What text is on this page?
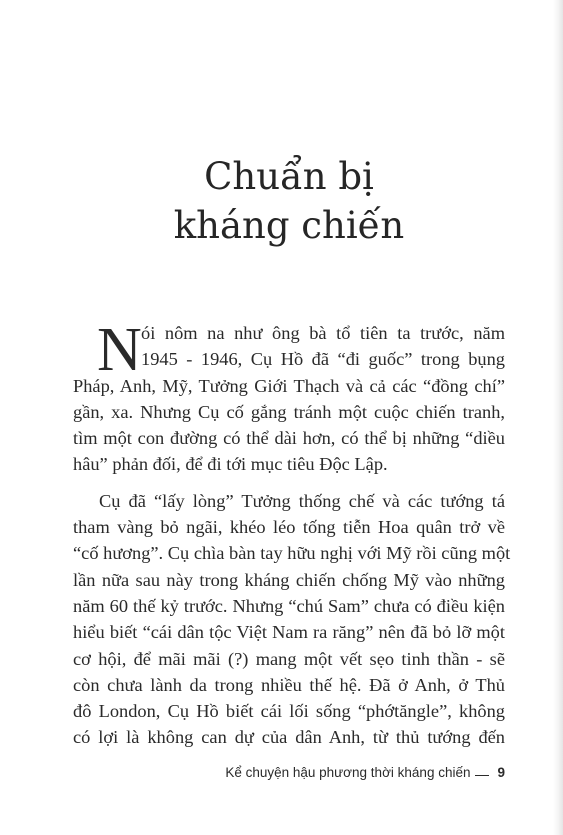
Chuẩn bị
kháng chiến
N ói nôm na như ông bà tổ tiên ta trước, năm
1945 - 1946, Cụ Hồ đã “đi guốc” trong bụng
Pháp, Anh, Mỹ, Tưởng Giới Thạch và cả các “đồng chí”
gần, xa. Nhưng Cụ cố gắng tránh một cuộc chiến tranh,
tìm một con đường có thể dài hơn, có thể bị những “diều
hâu” phản đối, để đi tới mục tiêu Độc Lập.
Cụ đã “lấy lòng” Tưởng thống chế và các tướng tá
tham vàng bỏ ngãi, khéo léo tống tiễn Hoa quân trở về
“cố hương”. Cụ chìa bàn tay hữu nghị với Mỹ rồi cũng một
lần nữa sau này trong kháng chiến chống Mỹ vào những
năm 60 thế kỷ trước. Nhưng “chú Sam” chưa có điều kiện
hiểu biết “cái dân tộc Việt Nam ra răng” nên đã bỏ lỡ một
cơ hội, để mãi mãi (?) mang một vết sẹo tinh thần - sẽ
còn chưa lành da trong nhiều thế hệ. Đã ở Anh, ở Thủ
đô London, Cụ Hồ biết cái lối sống “phớtăngle”, không
có lợi là không can dự của dân Anh, từ thủ tướng đến
Kể chuyện hậu phương thời kháng chiến 9
